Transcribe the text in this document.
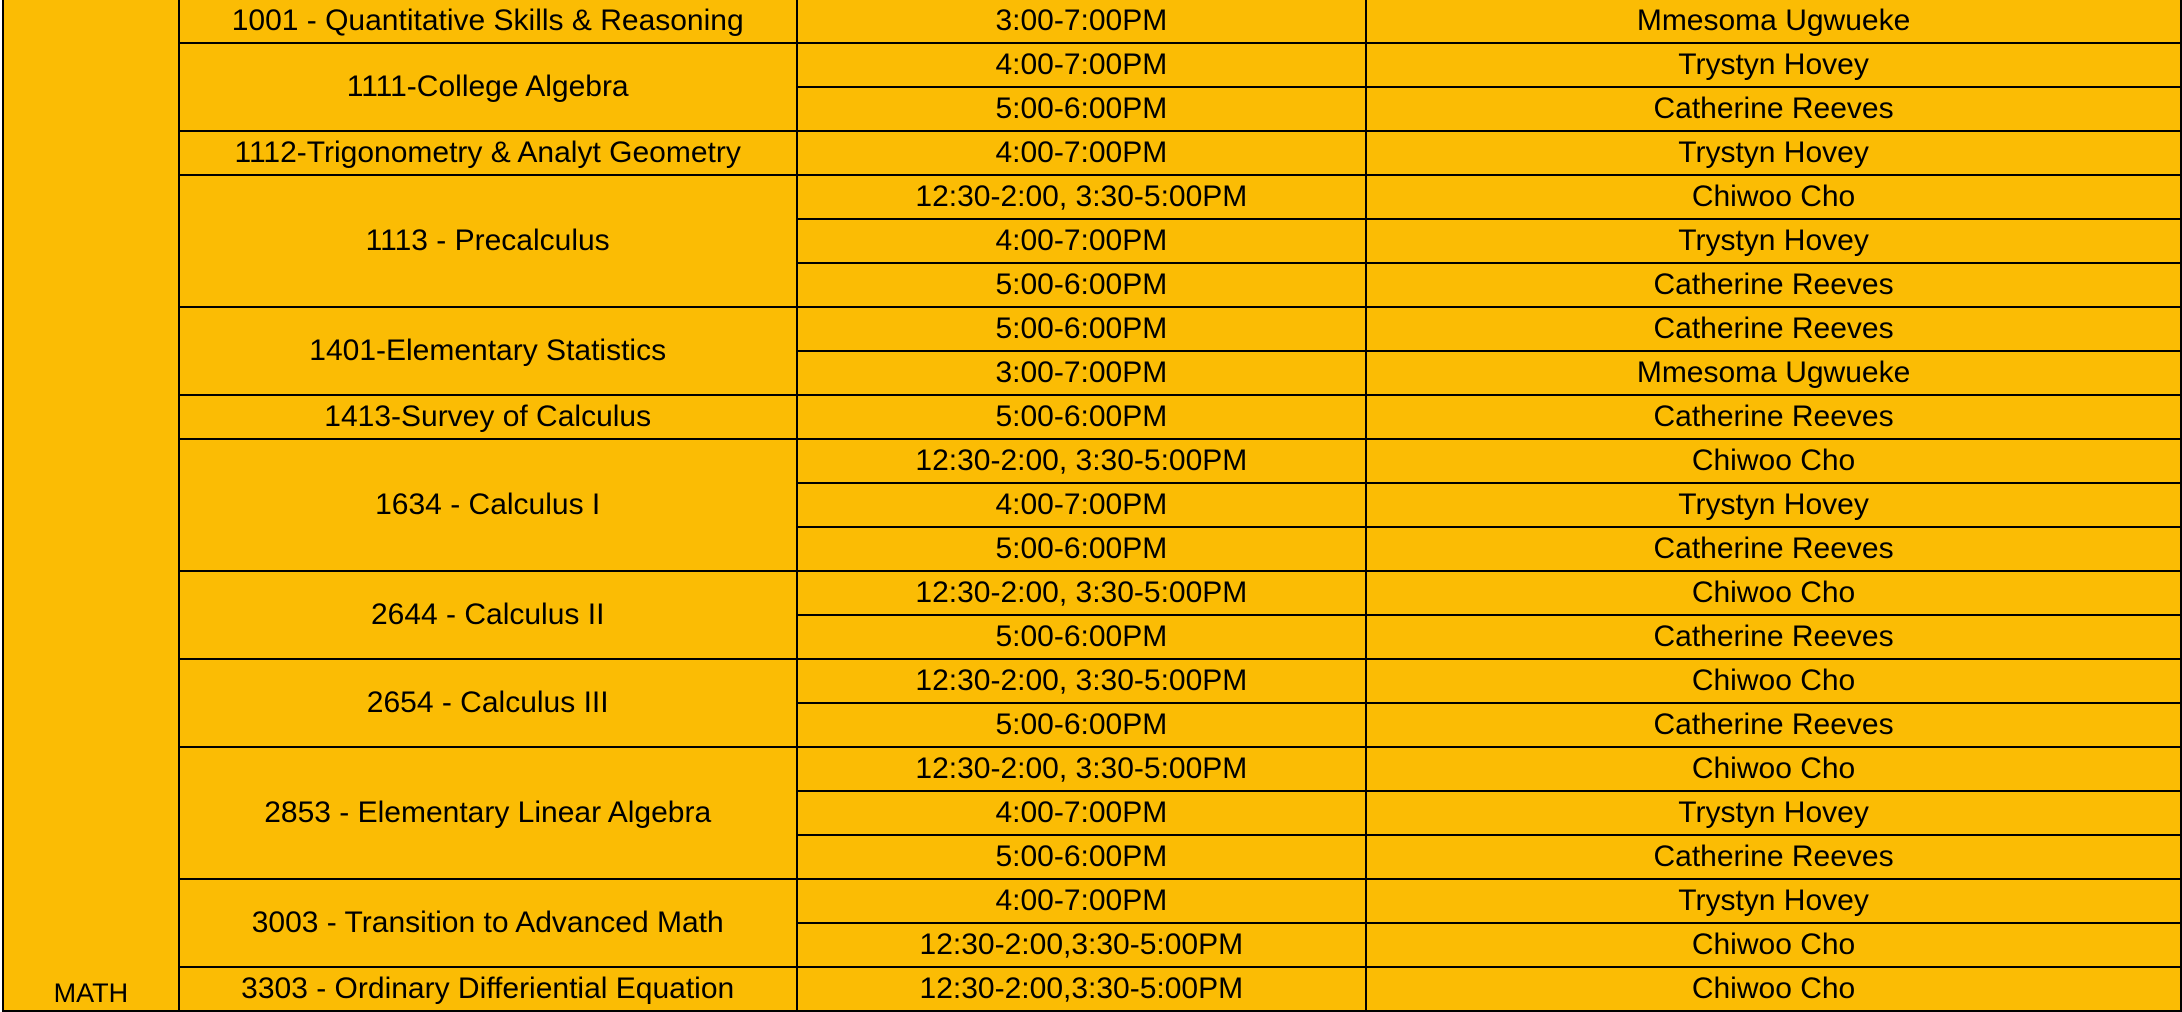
MATH	1001 - Quantitative Skills & Reasoning	3:00-7:00PM	Mmesoma Ugwueke
	1111-College Algebra	4:00-7:00PM	Trystyn Hovey
		5:00-6:00PM	Catherine Reeves
	1112-Trigonometry & Analyt Geometry	4:00-7:00PM	Trystyn Hovey
	1113 - Precalculus	12:30-2:00, 3:30-5:00PM	Chiwoo Cho
		4:00-7:00PM	Trystyn Hovey
		5:00-6:00PM	Catherine Reeves
	1401-Elementary Statistics	5:00-6:00PM	Catherine Reeves
		3:00-7:00PM	Mmesoma Ugwueke
	1413-Survey of Calculus	5:00-6:00PM	Catherine Reeves
	1634 - Calculus I	12:30-2:00, 3:30-5:00PM	Chiwoo Cho
		4:00-7:00PM	Trystyn Hovey
		5:00-6:00PM	Catherine Reeves
	2644 - Calculus II	12:30-2:00, 3:30-5:00PM	Chiwoo Cho
		5:00-6:00PM	Catherine Reeves
	2654 - Calculus III	12:30-2:00, 3:30-5:00PM	Chiwoo Cho
		5:00-6:00PM	Catherine Reeves
	2853 - Elementary Linear Algebra	12:30-2:00, 3:30-5:00PM	Chiwoo Cho
		4:00-7:00PM	Trystyn Hovey
		5:00-6:00PM	Catherine Reeves
	3003 - Transition to Advanced Math	4:00-7:00PM	Trystyn Hovey
		12:30-2:00,3:30-5:00PM	Chiwoo Cho
	3303 - Ordinary Differiential Equation	12:30-2:00,3:30-5:00PM	Chiwoo Cho
